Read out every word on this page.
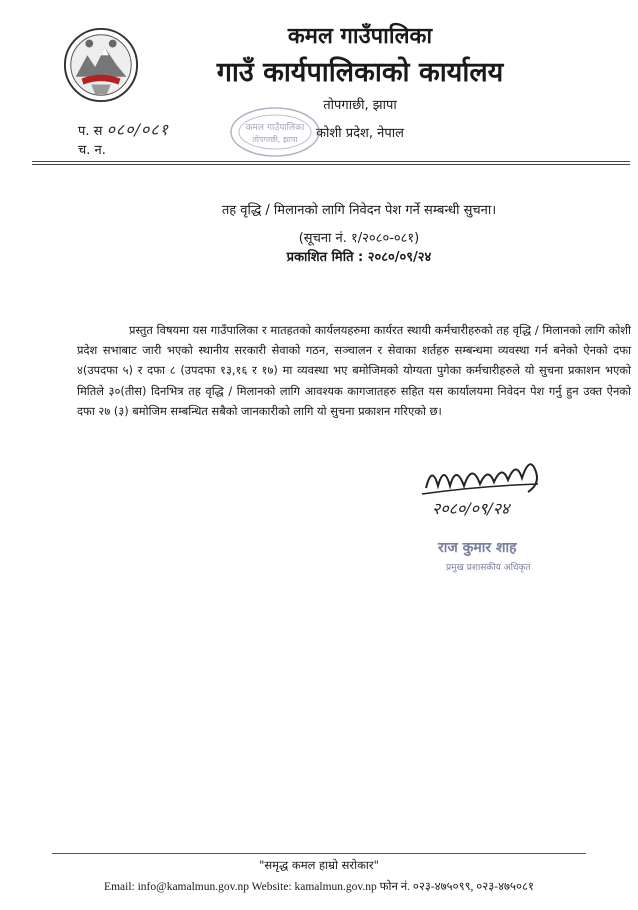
कमल गाउँपालिका
गाउँ कार्यपालिकाको कार्यालय
तोपगाछी, झापा
कोशी प्रदेश, नेपाल
प. स ०८०/०८१
च. न.
कमल गाउँपालिका
तोपगाछी, झापा
तह वृद्धि / मिलानको लागि निवेदन पेश गर्ने सम्बन्धी सुचना।
(सूचना नं. १/२०८०-०८१)
प्रकाशित मिति : २०८०/०९/२४
प्रस्तुत विषयमा यस गाउँपालिका र मातहतको कार्यलयहरुमा कार्यरत स्थायी कर्मचारीहरुको तह वृद्धि / मिलानको लागि कोशी प्रदेश सभाबाट जारी भएको स्थानीय सरकारी सेवाको गठन, सञ्चालन र सेवाका शर्तहरु सम्बन्धमा व्यवस्था गर्न बनेको ऐनको दफा ४(उपदफा ५) र दफा ८ (उपदफा १३,१६ र १७) मा व्यवस्था भए बमोजिमको योग्यता पुगेका कर्मचारीहरुले यो सुचना प्रकाशन भएको मितिले ३०(तीस) दिनभित्र तह वृद्धि / मिलानको लागि आवश्यक कागजातहरु सहित यस कार्यालयमा निवेदन पेश गर्नु हुन उक्त ऐनको दफा २७ (३) बमोजिम सम्बन्धित सबैको जानकारीको लागि यो सुचना प्रकाशन गरिएको छ।
२०८०/०९/२४
राज कुमार शाह
प्रमुख प्रशासकीय अधिकृत
"समृद्ध कमल हाम्रो सरोकार"
Email: info@kamalmun.gov.np Website: kamalmun.gov.np फोन नं. ०२३-४७५०९९, ०२३-४७५०८१
